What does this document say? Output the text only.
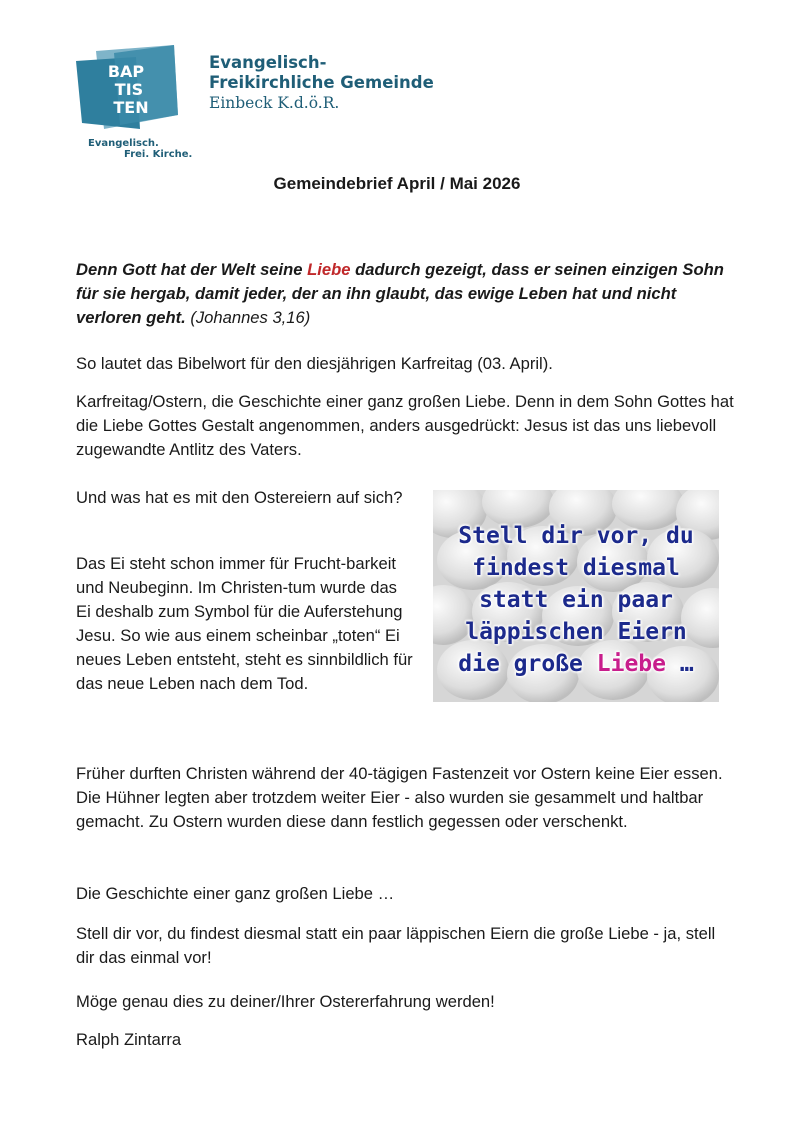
BAP
TIS
TEN
Evangelisch.
Frei. Kirche.
Evangelisch-
Freikirchliche Gemeinde
Einbeck K.d.ö.R.
Gemeindebrief April / Mai 2026
Denn Gott hat der Welt seine Liebe dadurch gezeigt, dass er seinen einzigen Sohn für sie hergab, damit jeder, der an ihn glaubt, das ewige Leben hat und nicht verloren geht. (Johannes 3,16)
So lautet das Bibelwort für den diesjährigen Karfreitag (03. April).
Karfreitag/Ostern, die Geschichte einer ganz großen Liebe. Denn in dem Sohn Gottes hat die Liebe Gottes Gestalt angenommen, anders ausgedrückt: Jesus ist das uns liebevoll zugewandte Antlitz des Vaters.
Und was hat es mit den Ostereiern auf sich?
Das Ei steht schon immer für Frucht-barkeit und Neubeginn. Im Christen-tum wurde das Ei deshalb zum Symbol für die Auferstehung Jesu. So wie aus einem scheinbar „toten“ Ei neues Leben entsteht, steht es sinnbildlich für das neue Leben nach dem Tod.
Stell dir vor, du
findest diesmal
statt ein paar
läppischen Eiern
die große Liebe …
Früher durften Christen während der 40-tägigen Fastenzeit vor Ostern keine Eier essen. Die Hühner legten aber trotzdem weiter Eier - also wurden sie gesammelt und haltbar gemacht. Zu Ostern wurden diese dann festlich gegessen oder verschenkt.
Die Geschichte einer ganz großen Liebe …
Stell dir vor, du findest diesmal statt ein paar läppischen Eiern die große Liebe - ja, stell dir das einmal vor!
Möge genau dies zu deiner/Ihrer Ostererfahrung werden!
Ralph Zintarra
